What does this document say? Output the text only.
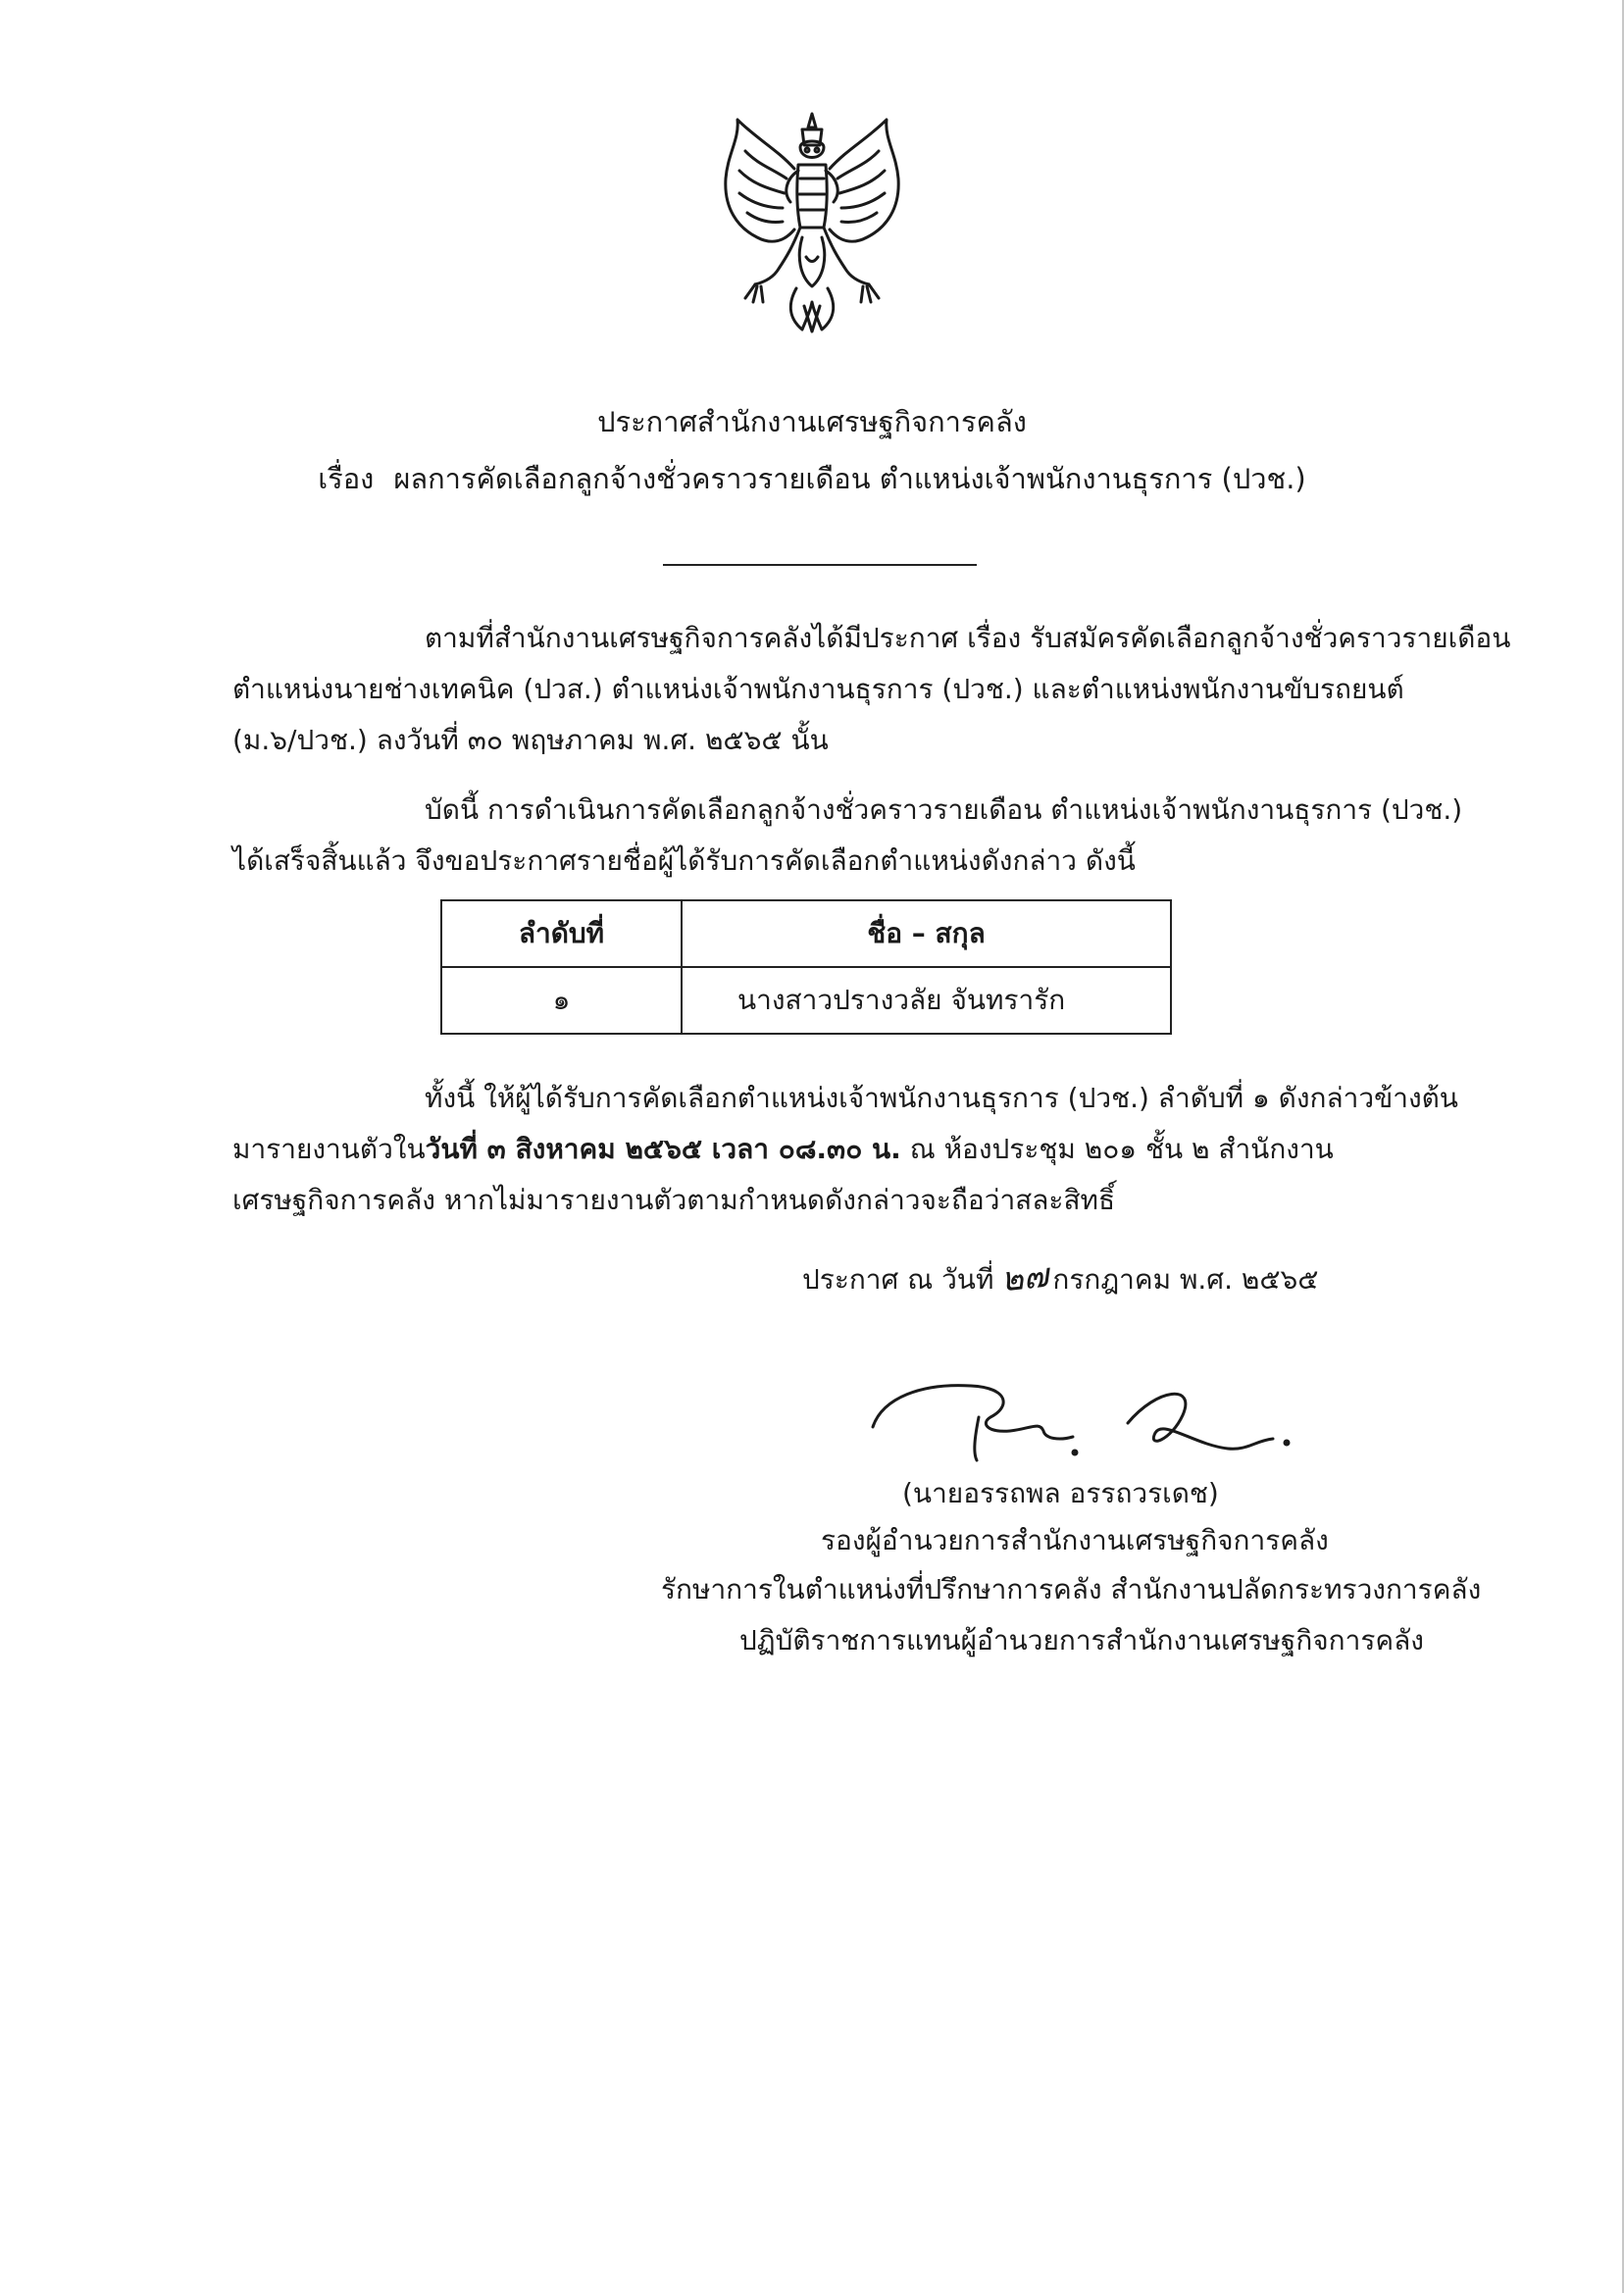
ประกาศสำนักงานเศรษฐกิจการคลัง
เรื่อง ผลการคัดเลือกลูกจ้างชั่วคราวรายเดือน ตำแหน่งเจ้าพนักงานธุรการ (ปวช.)

ตามที่สำนักงานเศรษฐกิจการคลังได้มีประกาศ เรื่อง รับสมัครคัดเลือกลูกจ้างชั่วคราวรายเดือน

ตำแหน่งนายช่างเทคนิค (ปวส.) ตำแหน่งเจ้าพนักงานธุรการ (ปวช.) และตำแหน่งพนักงานขับรถยนต์

(ม.๖/ปวช.) ลงวันที่ ๓๐ พฤษภาคม พ.ศ. ๒๕๖๕ นั้น

บัดนี้ การดำเนินการคัดเลือกลูกจ้างชั่วคราวรายเดือน ตำแหน่งเจ้าพนักงานธุรการ (ปวช.)

ได้เสร็จสิ้นแล้ว จึงขอประกาศรายชื่อผู้ได้รับการคัดเลือกตำแหน่งดังกล่าว ดังนี้

ลำดับที่	ชื่อ – สกุล
๑	นางสาวปรางวลัย จันทรารัก

ทั้งนี้ ให้ผู้ได้รับการคัดเลือกตำแหน่งเจ้าพนักงานธุรการ (ปวช.) ลำดับที่ ๑ ดังกล่าวข้างต้น

มารายงานตัวในวันที่ ๓ สิงหาคม ๒๕๖๕ เวลา ๐๘.๓๐ น. ณ ห้องประชุม ๒๐๑ ชั้น ๒ สำนักงาน

เศรษฐกิจการคลัง หากไม่มารายงานตัวตามกำหนดดังกล่าวจะถือว่าสละสิทธิ์

ประกาศ ณ วันที่ ๒๗กรกฎาคม พ.ศ. ๒๕๖๕
(นายอรรถพล อรรถวรเดช)
รองผู้อำนวยการสำนักงานเศรษฐกิจการคลัง
รักษาการในตำแหน่งที่ปรึกษาการคลัง สำนักงานปลัดกระทรวงการคลัง
ปฏิบัติราชการแทนผู้อำนวยการสำนักงานเศรษฐกิจการคลัง
